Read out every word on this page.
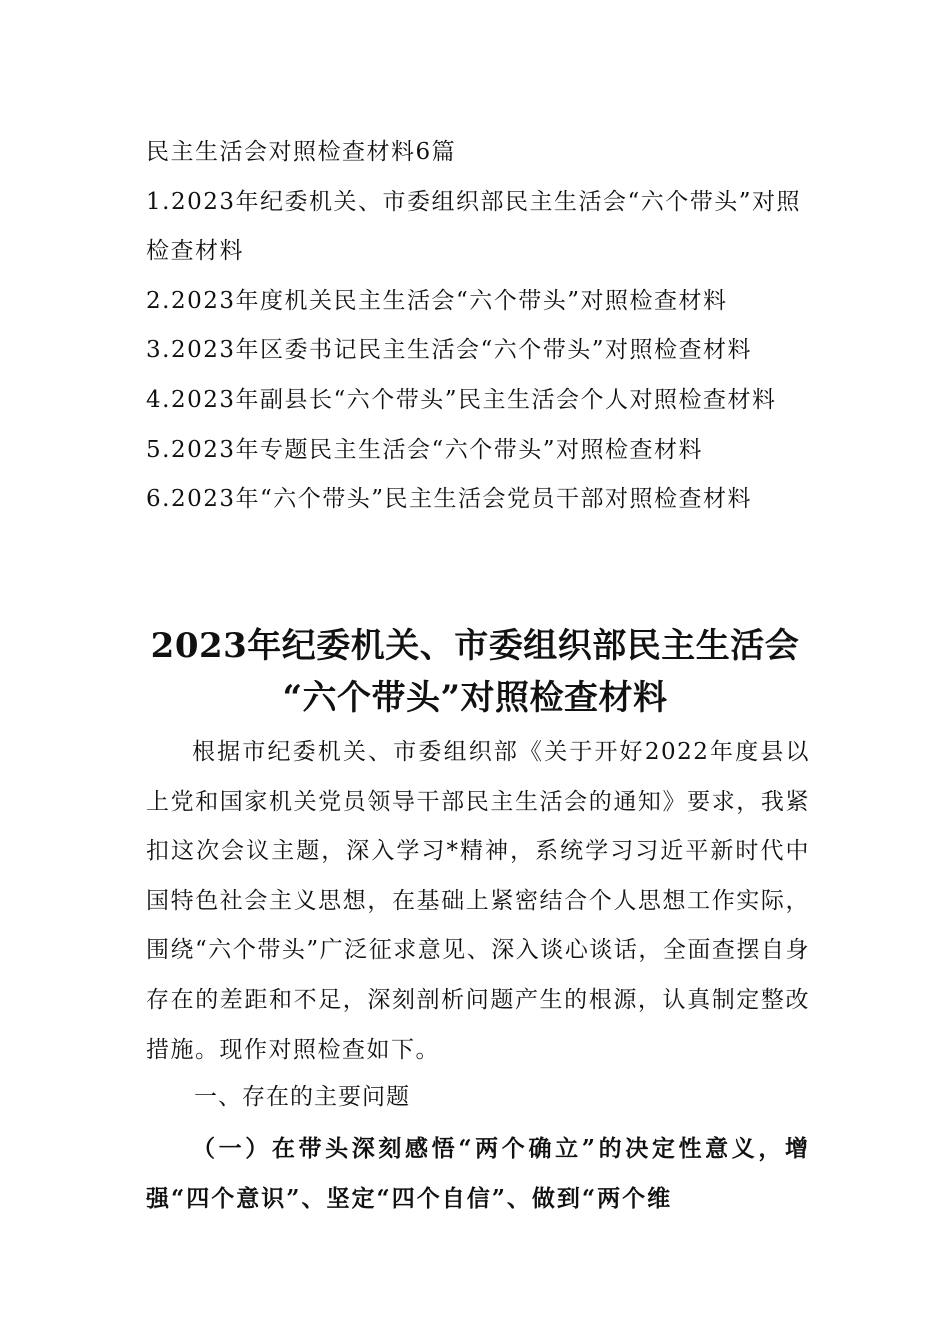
民主生活会对照检查材料6篇

1.2023年纪委机关、市委组织部民主生活会“六个带头”对照检查材料

2.2023年度机关民主生活会“六个带头”对照检查材料

3.2023年区委书记民主生活会“六个带头”对照检查材料

4.2023年副县长“六个带头”民主生活会个人对照检查材料

5.2023年专题民主生活会“六个带头”对照检查材料

6.2023年“六个带头”民主生活会党员干部对照检查材料

2023年纪委机关、市委组织部民主生活会
“六个带头”对照检查材料

根据市纪委机关、市委组织部《关于开好2022年度县以上党和国家机关党员领导干部民主生活会的通知》要求，我紧扣这次会议主题，深入学习*精神，系统学习习近平新时代中国特色社会主义思想，在基础上紧密结合个人思想工作实际，围绕“六个带头”广泛征求意见、深入谈心谈话，全面查摆自身存在的差距和不足，深刻剖析问题产生的根源，认真制定整改措施。现作对照检查如下。

一、存在的主要问题

（一）在带头深刻感悟“两个确立”的决定性意义，增强“四个意识”、坚定“四个自信”、做到“两个维
